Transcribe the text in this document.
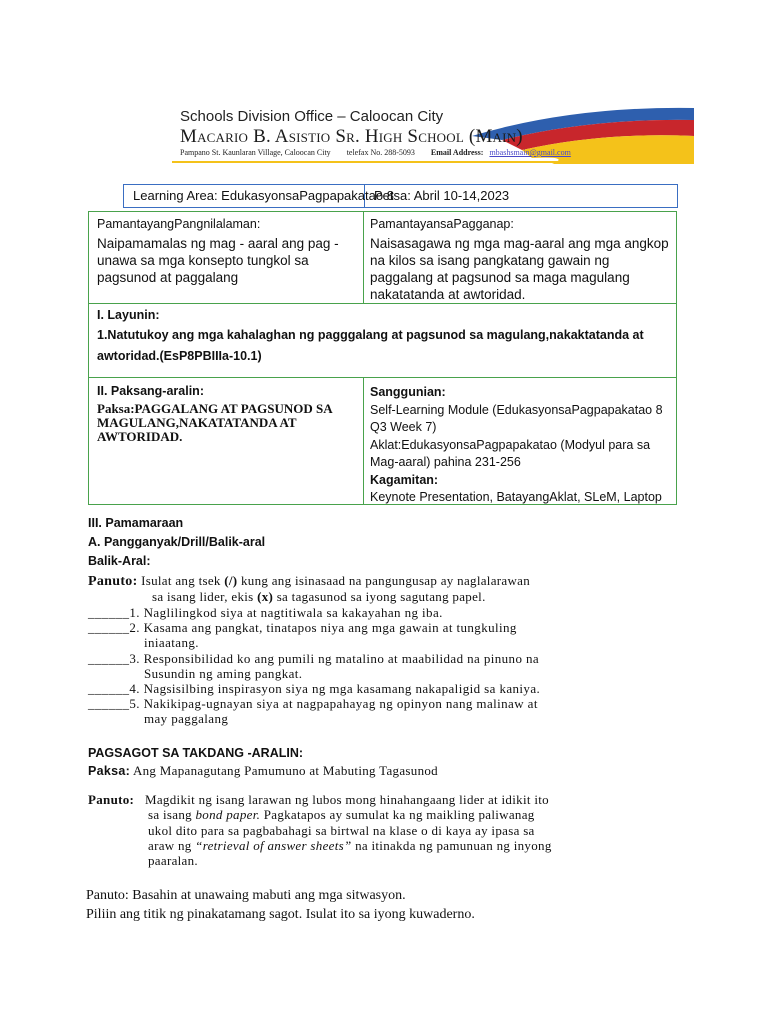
Schools Division Office – Caloocan City
Macario B. Asistio Sr. High School (Main)
Pampano St. Kaunlaran Village, Caloocan City telefax No. 288-5093 Email Address: mbashsmain@gmail.com
Learning Area: EdukasyonsaPagpapakatao 8
Petsa: Abril 10-14,2023
PamantayangPangnilalaman:
Naipamamalas ng mag - aaral ang pag - unawa sa mga konsepto tungkol sa pagsunod at paggalang
PamantayansaPagganap:
Naisasagawa ng mga mag-aaral ang mga angkop na kilos sa isang pangkatang gawain ng paggalang at pagsunod sa maga magulang nakatatanda at awtoridad.
I. Layunin:
1.Natutukoy ang mga kahalaghan ng pagggalang at pagsunod sa magulang,nakaktatanda at
awtoridad.(EsP8PBIIIa-10.1)
II. Paksang-aralin:
Paksa:PAGGALANG AT PAGSUNOD SA
MAGULANG,NAKATATANDA AT
AWTORIDAD.
Sanggunian:
Self-Learning Module (EdukasyonsaPagpapakatao 8
Q3 Week 7)
Aklat:EdukasyonsaPagpapakatao (Modyul para sa
Mag-aaral) pahina 231-256
Kagamitan:
Keynote Presentation, BatayangAklat, SLeM, Laptop
III. Pamamaraan
A. Pangganyak/Drill/Balik-aral
Balik-Aral:
Panuto: Isulat ang tsek (/) kung ang isinasaad na pangungusap ay naglalarawan
sa isang lider, ekis (x) sa tagasunod sa iyong sagutang papel.
______1. Naglilingkod siya at nagtitiwala sa kakayahan ng iba.
______2. Kasama ang pangkat, tinatapos niya ang mga gawain at tungkuling
iniaatang.
______3. Responsibilidad ko ang pumili ng matalino at maabilidad na pinuno na
Susundin ng aming pangkat.
______4. Nagsisilbing inspirasyon siya ng mga kasamang nakapaligid sa kaniya.
______5. Nakikipag-ugnayan siya at nagpapahayag ng opinyon nang malinaw at
may paggalang
PAGSAGOT SA TAKDANG -ARALIN:
Paksa: Ang Mapanagutang Pamumuno at Mabuting Tagasunod
Panuto: Magdikit ng isang larawan ng lubos mong hinahangaang lider at idikit ito
sa isang bond paper. Pagkatapos ay sumulat ka ng maikling paliwanag
ukol dito para sa pagbabahagi sa birtwal na klase o di kaya ay ipasa sa
araw ng “retrieval of answer sheets” na itinakda ng pamunuan ng inyong
paaralan.
Panuto: Basahin at unawaing mabuti ang mga sitwasyon.
Piliin ang titik ng pinakatamang sagot. Isulat ito sa iyong kuwaderno.
